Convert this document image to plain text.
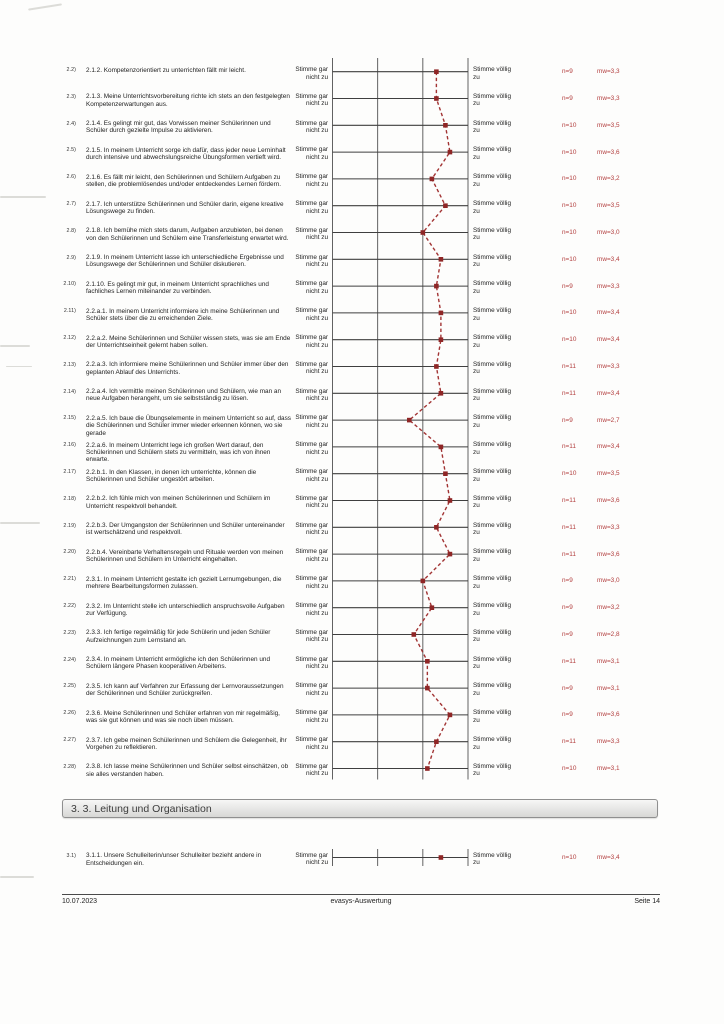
2.2) 2.1.2. Kompetenzorientiert zu unterrichten fällt mir leicht.	Stimme gar
nicht zu
Stimme völlig
zu
n=9	mw=3,3
2.3) 2.1.3. Meine Unterrichtsvorbereitung richte ich stets an den festgelegten Kompetenzerwartungen aus.
Stimme gar
nicht zu
Stimme völlig
zu
n=9	mw=3,3
2.4) 2.1.4. Es gelingt mir gut, das Vorwissen meiner Schülerinnen und Schüler durch gezielte Impulse zu aktivieren.
Stimme gar
nicht zu
Stimme völlig
zu
n=10	mw=3,5
2.5) 2.1.5. In meinem Unterricht sorge ich dafür, dass jeder neue Lerninhalt durch intensive und abwechslungsreiche Übungsformen vertieft wird.
Stimme gar
nicht zu
Stimme völlig
zu
n=10	mw=3,6
2.6) 2.1.6. Es fällt mir leicht, den Schülerinnen und Schülern Aufgaben zu stellen, die problemlösendes und/oder entdeckendes Lernen fördern.
Stimme gar
nicht zu
Stimme völlig
zu
n=10	mw=3,2
2.7) 2.1.7. Ich unterstütze Schülerinnen und Schüler darin, eigene kreative Lösungswege zu finden.
Stimme gar
nicht zu
Stimme völlig
zu
n=10	mw=3,5
2.8) 2.1.8. Ich bemühe mich stets darum, Aufgaben anzubieten, bei denen von den Schülerinnen und Schülern eine Transferleistung erwartet wird.
Stimme gar
nicht zu
Stimme völlig
zu
n=10	mw=3,0
2.9) 2.1.9. In meinem Unterricht lasse ich unterschiedliche Ergebnisse und Lösungswege der Schülerinnen und Schüler diskutieren.
Stimme gar
nicht zu
Stimme völlig
zu
n=10	mw=3,4
2.10) 2.1.10. Es gelingt mir gut, in meinem Unterricht sprachliches und fachliches Lernen miteinander zu verbinden.
Stimme gar
nicht zu
Stimme völlig
zu
n=9	mw=3,3
2.11) 2.2.a.1. In meinem Unterricht informiere ich meine Schülerinnen und Schüler stets über die zu erreichenden Ziele.
Stimme gar
nicht zu
Stimme völlig
zu
n=10	mw=3,4
2.12) 2.2.a.2. Meine Schülerinnen und Schüler wissen stets, was sie am Ende der Unterrichtseinheit gelernt haben sollen.
Stimme gar
nicht zu
Stimme völlig
zu
n=10	mw=3,4
2.13) 2.2.a.3. Ich informiere meine Schülerinnen und Schüler immer über den geplanten Ablauf des Unterrichts.
Stimme gar
nicht zu
Stimme völlig
zu
n=11	mw=3,3
2.14) 2.2.a.4. Ich vermittle meinen Schülerinnen und Schülern, wie man an neue Aufgaben herangeht, um sie selbstständig zu lösen.
Stimme gar
nicht zu
Stimme völlig
zu
n=11	mw=3,4
2.15) 2.2.a.5. Ich baue die Übungselemente in meinem Unterricht so auf, dass die Schülerinnen und Schüler immer wieder erkennen können, wo sie gerade
Stimme gar
nicht zu
Stimme völlig
zu
n=9	mw=2,7
2.16) 2.2.a.6. In meinem Unterricht lege ich großen Wert darauf, den Schülerinnen und Schülern stets zu vermitteln, was ich von ihnen erwarte.
Stimme gar
nicht zu
Stimme völlig
zu
n=11	mw=3,4
2.17) 2.2.b.1. In den Klassen, in denen ich unterrichte, können die Schülerinnen und Schüler ungestört arbeiten.
Stimme gar
nicht zu
Stimme völlig
zu
n=10	mw=3,5
2.18) 2.2.b.2. Ich fühle mich von meinen Schülerinnen und Schülern im Unterricht respektvoll behandelt.
Stimme gar
nicht zu
Stimme völlig
zu
n=11	mw=3,6
2.19) 2.2.b.3. Der Umgangston der Schülerinnen und Schüler untereinander ist wertschätzend und respektvoll.
Stimme gar
nicht zu
Stimme völlig
zu
n=11	mw=3,3
2.20) 2.2.b.4. Vereinbarte Verhaltensregeln und Rituale werden von meinen Schülerinnen und Schülern im Unterricht eingehalten.
Stimme gar
nicht zu
Stimme völlig
zu
n=11	mw=3,6
2.21) 2.3.1. In meinem Unterricht gestalte ich gezielt Lernumgebungen, die mehrere Bearbeitungsformen zulassen.
Stimme gar
nicht zu
Stimme völlig
zu
n=9	mw=3,0
2.22) 2.3.2. Im Unterricht stelle ich unterschiedlich anspruchsvolle Aufgaben zur Verfügung.
Stimme gar
nicht zu
Stimme völlig
zu
n=9	mw=3,2
2.23) 2.3.3. Ich fertige regelmäßig für jede Schülerin und jeden Schüler Aufzeichnungen zum Lernstand an.
Stimme gar
nicht zu
Stimme völlig
zu
n=9	mw=2,8
2.24) 2.3.4. In meinem Unterricht ermögliche ich den Schülerinnen und Schülern längere Phasen kooperativen Arbeitens.
Stimme gar
nicht zu
Stimme völlig
zu
n=11	mw=3,1
2.25) 2.3.5. Ich kann auf Verfahren zur Erfassung der Lernvoraussetzungen der Schülerinnen und Schüler zurückgreifen.
Stimme gar
nicht zu
Stimme völlig
zu
n=9	mw=3,1
2.26) 2.3.6. Meine Schülerinnen und Schüler erfahren von mir regelmäßig, was sie gut können und was sie noch üben müssen.
Stimme gar
nicht zu
Stimme völlig
zu
n=9	mw=3,6
2.27) 2.3.7. Ich gebe meinen Schülerinnen und Schülern die Gelegenheit, ihr Vorgehen zu reflektieren.
Stimme gar
nicht zu
Stimme völlig
zu
n=11	mw=3,3
2.28) 2.3.8. Ich lasse meine Schülerinnen und Schüler selbst einschätzen, ob sie alles verstanden haben.
Stimme gar
nicht zu
Stimme völlig
zu
n=10	mw=3,1
3.1) 3.1.1. Unsere Schulleiterin/unser Schulleiter bezieht andere in Entscheidungen ein.
Stimme gar
nicht zu
Stimme völlig
zu
n=10	mw=3,4
3. 3. Leitung und Organisation
10.07.2023	evasys-Auswertung	Seite 14
